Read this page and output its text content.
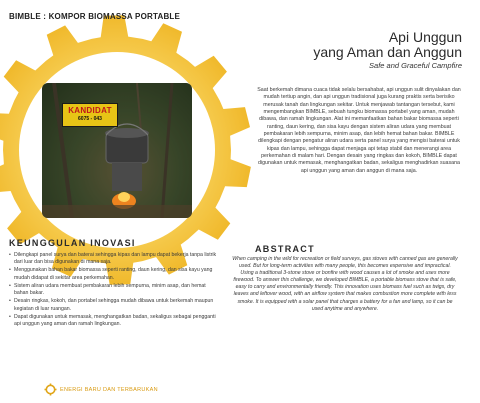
KANDIDAT
6075 - 043
BIMBLE : KOMPOR BIOMASSA PORTABLE
Api Unggun
yang Aman dan Anggun
Safe and Graceful Campfire
Saat berkemah dimana cuaca tidak selalu bersahabat, api unggun sulit dinyalakan dan mudah tertiup angin, dan api unggun tradisional juga kurang praktis serta berisiko merusak tanah dan lingkungan sekitar. Untuk menjawab tantangan tersebut, kami mengembangkan BIMBLE, sebuah tungku biomassa portabel yang aman, mudah dibawa, dan ramah lingkungan. Alat ini memanfaatkan bahan bakar biomassa seperti ranting, daun kering, dan sisa kayu dengan sistem aliran udara yang membuat pembakaran lebih sempurna, minim asap, dan lebih hemat bahan bakar. BIMBLE dilengkapi dengan pengatur aliran udara serta panel surya yang mengisi baterai untuk kipas dan lampu, sehingga dapat menjaga api tetap stabil dan menerangi area perkemahan di malam hari. Dengan desain yang ringkas dan kokoh, BIMBLE dapat digunakan untuk memasak, menghangatkan badan, sekaligus menghadirkan suasana api unggun yang aman dan anggun di mana saja.
ABSTRACT
When camping in the wild for recreation or field surveys, gas stoves with canned gas are generally used. But for long-term activities with many people, this becomes expensive and impractical. Using a traditional 3-stone stove or bonfire with wood causes a lot of smoke and uses more firewood. To answer this challenge, we developed BIMBLE, a portable biomass stove that is safe, easy to carry and environmentally friendly. This innovation uses biomass fuel such as twigs, dry leaves and leftover wood, with an airflow system that makes combustion more complete with less smoke. It is equipped with a solar panel that charges a battery for a fan and lamp, so it can be used anytime and anywhere.
KEUNGGULAN INOVASI
• Dilengkapi panel surya dan baterai sehingga kipas dan lampu dapat bekerja tanpa listrik dari luar dan bisa digunakan di mana saja.
• Menggunakan bahan bakar biomassa seperti ranting, daun kering, dan sisa kayu yang mudah didapat di sekitar area perkemahan.
• Sistem aliran udara membuat pembakaran lebih sempurna, minim asap, dan hemat bahan bakar.
• Desain ringkas, kokoh, dan portabel sehingga mudah dibawa untuk berkemah maupun kegiatan di luar ruangan.
• Dapat digunakan untuk memasak, menghangatkan badan, sekaligus sebagai pengganti api unggun yang aman dan ramah lingkungan.
ENERGI BARU DAN TERBARUKAN
